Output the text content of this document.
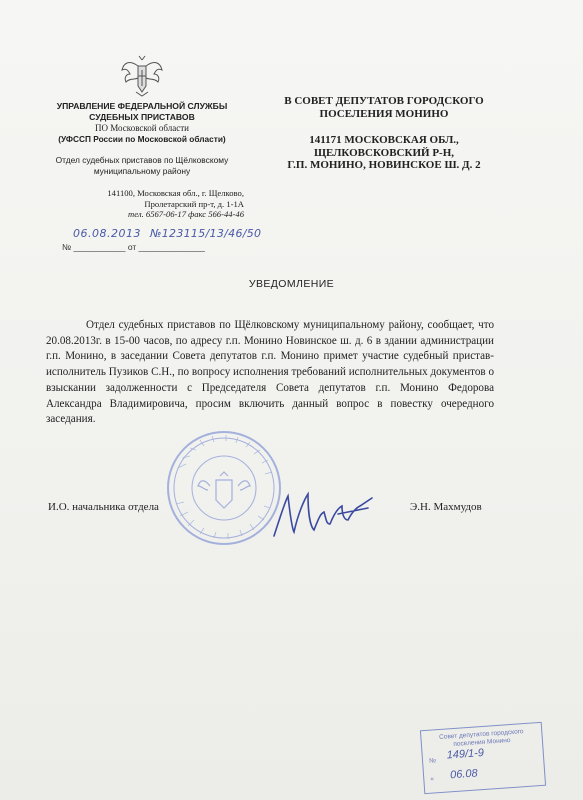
УПРАВЛЕНИЕ ФЕДЕРАЛЬНОЙ СЛУЖБЫ
СУДЕБНЫХ ПРИСТАВОВ
ПО Московской области
(УФССП России по Московской области)
Отдел судебных приставов по Щёлковскому
муниципальному району
141100, Московская обл., г. Щелково,
Пролетарский пр-т, д. 1-1А
тел. 6567-06-17 факс 566-44-46
06.08.2013 №123115/13/46/50
№ ___________ от ______________
В СОВЕТ ДЕПУТАТОВ ГОРОДСКОГО
ПОСЕЛЕНИЯ МОНИНО
141171 МОСКОВСКАЯ ОБЛ.,
ЩЕЛКОВСКОВСКИЙ Р-Н,
Г.П. МОНИНО, НОВИНСКОЕ Ш. Д. 2
УВЕДОМЛЕНИЕ
Отдел судебных приставов по Щёлковскому муниципальному району, сообщает, что 20.08.2013г. в 15-00 часов, по адресу г.п. Монино Новинское ш. д. 6 в здании администрации г.п. Монино, в заседании Совета депутатов г.п. Монино примет участие судебный пристав-исполнитель Пузиков С.Н., по вопросу исполнения требований исполнительных документов о взыскании задолженности с Председателя Совета депутатов г.п. Монино Федорова Александра Владимировича, просим включить данный вопрос в повестку очередного заседания.
И.О. начальника отдела	Э.Н. Махмудов
Совет депутатов городского поселения Монино
№ 149/1-9
« 06.08
